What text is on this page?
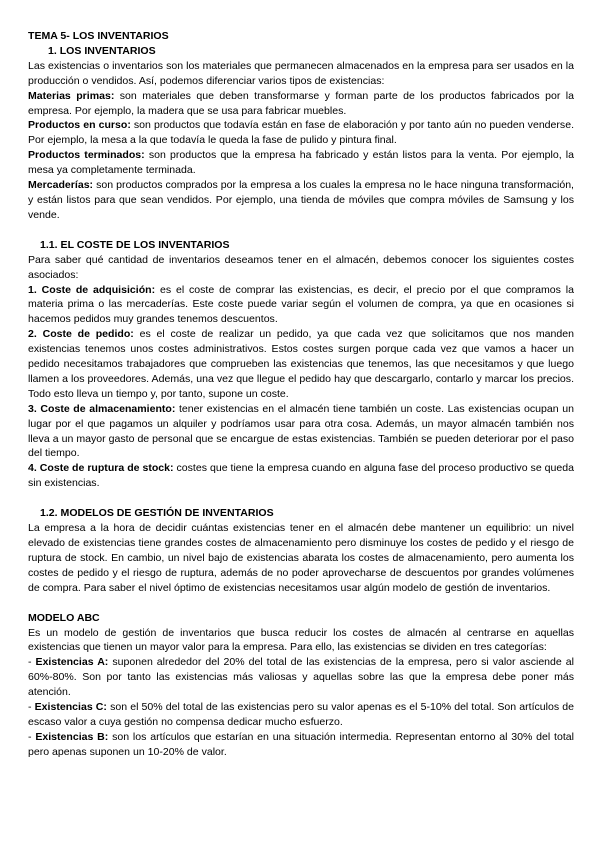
TEMA 5- LOS INVENTARIOS
1. LOS INVENTARIOS

Las existencias o inventarios son los materiales que permanecen almacenados en la empresa para ser usados en la producción o vendidos. Así, podemos diferenciar varios tipos de existencias:

Materias primas: son materiales que deben transformarse y forman parte de los productos fabricados por la empresa. Por ejemplo, la madera que se usa para fabricar muebles.

Productos en curso: son productos que todavía están en fase de elaboración y por tanto aún no pueden venderse. Por ejemplo, la mesa a la que todavía le queda la fase de pulido y pintura final.

Productos terminados: son productos que la empresa ha fabricado y están listos para la venta. Por ejemplo, la mesa ya completamente terminada.

Mercaderías: son productos comprados por la empresa a los cuales la empresa no le hace ninguna transformación, y están listos para que sean vendidos. Por ejemplo, una tienda de móviles que compra móviles de Samsung y los vende.

1.1. EL COSTE DE LOS INVENTARIOS

Para saber qué cantidad de inventarios deseamos tener en el almacén, debemos conocer los siguientes costes asociados:

1. Coste de adquisición: es el coste de comprar las existencias, es decir, el precio por el que compramos la materia prima o las mercaderías. Este coste puede variar según el volumen de compra, ya que en ocasiones si hacemos pedidos muy grandes tenemos descuentos.

2. Coste de pedido: es el coste de realizar un pedido, ya que cada vez que solicitamos que nos manden existencias tenemos unos costes administrativos. Estos costes surgen porque cada vez que vamos a hacer un pedido necesitamos trabajadores que comprueben las existencias que tenemos, las que necesitamos y que luego llamen a los proveedores. Además, una vez que llegue el pedido hay que descargarlo, contarlo y marcar los precios. Todo esto lleva un tiempo y, por tanto, supone un coste.

3. Coste de almacenamiento: tener existencias en el almacén tiene también un coste. Las existencias ocupan un lugar por el que pagamos un alquiler y podríamos usar para otra cosa. Además, un mayor almacén también nos lleva a un mayor gasto de personal que se encargue de estas existencias. También se pueden deteriorar por el paso del tiempo.

4. Coste de ruptura de stock: costes que tiene la empresa cuando en alguna fase del proceso productivo se queda sin existencias.

1.2. MODELOS DE GESTIÓN DE INVENTARIOS

La empresa a la hora de decidir cuántas existencias tener en el almacén debe mantener un equilibrio: un nivel elevado de existencias tiene grandes costes de almacenamiento pero disminuye los costes de pedido y el riesgo de ruptura de stock. En cambio, un nivel bajo de existencias abarata los costes de almacenamiento, pero aumenta los costes de pedido y el riesgo de ruptura, además de no poder aprovecharse de descuentos por grandes volúmenes de compra. Para saber el nivel óptimo de existencias necesitamos usar algún modelo de gestión de inventarios.

MODELO ABC

Es un modelo de gestión de inventarios que busca reducir los costes de almacén al centrarse en aquellas existencias que tienen un mayor valor para la empresa. Para ello, las existencias se dividen en tres categorías:

- Existencias A: suponen alrededor del 20% del total de las existencias de la empresa, pero si valor asciende al 60%-80%. Son por tanto las existencias más valiosas y aquellas sobre las que la empresa debe poner más atención.

- Existencias C: son el 50% del total de las existencias pero su valor apenas es el 5-10% del total. Son artículos de escaso valor a cuya gestión no compensa dedicar mucho esfuerzo.

- Existencias B: son los artículos que estarían en una situación intermedia. Representan entorno al 30% del total pero apenas suponen un 10-20% de valor.
